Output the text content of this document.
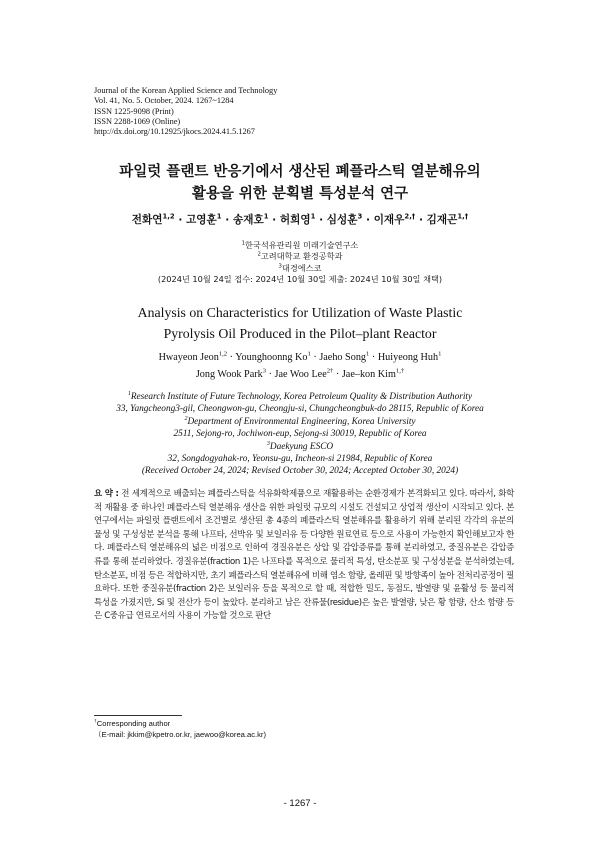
Journal of the Korean Applied Science and Technology
Vol. 41, No. 5. October, 2024. 1267~1284
ISSN 1225-9098 (Print)
ISSN 2288-1069 (Online)
http://dx.doi.org/10.12925/jkocs.2024.41.5.1267
파일럿 플랜트 반응기에서 생산된 폐플라스틱 열분해유의
활용을 위한 분획별 특성분석 연구
전화연$^{1,2}$ · 고영훈$^1$ · 송재호$^1$ · 허희영$^1$ · 심성훈$^3$ · 이재우$^{2,\dagger}$ · 김재곤$^{1,\dagger}$
$^1$한국석유관리원 미래기술연구소
$^2$고려대학교 환경공학과
$^3$대경에스코
(2024년 10월 24일 접수: 2024년 10월 30일 제출: 2024년 10월 30일 채택)
Analysis on Characteristics for Utilization of Waste Plastic
Pyrolysis Oil Produced in the Pilot–plant Reactor
Hwayeon Jeon$^{1,2}$ · Younghoonng $Ko^1$ · Jaeho Song$^1$ · Huiyeong Huh$^1$
Jong Wook Park$^3$ · Jae Woo Lee$^{2\dagger}$ · Jae–kon Kim$^{1,\dagger}$
$^1$Research Institute of Future Technology, Korea Petroleum Quality & Distribution Authority
33, Yangcheong3-gil, Cheongwon-gu, Cheongju-si, Chungcheongbuk-do 28115, Republic of Korea
$^2$Department of Environmental Engineering, Korea University
2511, Sejong-ro, Jochiwon-eup, Sejong-si 30019, Republic of Korea
$^3$Daekyung ESCO
32, Songdogyahak-ro, Yeonsu-gu, Incheon-si 21984, Republic of Korea
(Received October 24, 2024; Revised October 30, 2024; Accepted October 30, 2024)
요 약 : 전 세계적으로 배출되는 폐플라스틱을 석유화학제품으로 재활용하는 순환경제가 본격화되고 있다. 따라서, 화학적 재활용 중 하나인 폐플라스틱 열분해유 생산을 위한 파일럿 규모의 시설도 건설되고 상업적 생산이 시작되고 있다. 본 연구에서는 파일럿 플랜트에서 조건별로 생산된 총 4종의 폐플라스틱 열분해유를 활용하기 위해 분리된 각각의 유분의 물성 및 구성성분 분석을 통해 나프타, 선박유 및 보일러유 등 다양한 원료연료 등으로 사용이 가능한지 확인해보고자 한다. 폐플라스틱 열분해유의 넓은 비점으로 인하여 경질유분은 상압 및 감압증류를 통해 분리하였고, 중질유분은 감압증류를 통해 분리하였다. 경질유분(fraction 1)은 나프타를 목적으로 물리적 특성, 탄소분포 및 구성성분을 분석하였는데, 탄소분포, 비점 등은 적합하지만, 초기 폐플라스틱 열분해유에 비해 염소 함량, 올레핀 및 방향족이 높아 전처리공정이 필요하다. 또한 중질유분(fraction 2)은 보일러유 등을 목적으로 할 때, 적합한 밀도, 동점도, 발열량 및 윤활성 등 물리적 특성을 가졌지만, Si 및 전산가 등이 높았다. 분리하고 남은 잔류물(residue)은 높은 발열량, 낮은 황 함량, 산소 함량 등은 C중유급 연료로서의 사용이 가능할 것으로 판단
†Corresponding author
（E-mail: jkkim@kpetro.or.kr, jaewoo@korea.ac.kr)
- 1267 -
